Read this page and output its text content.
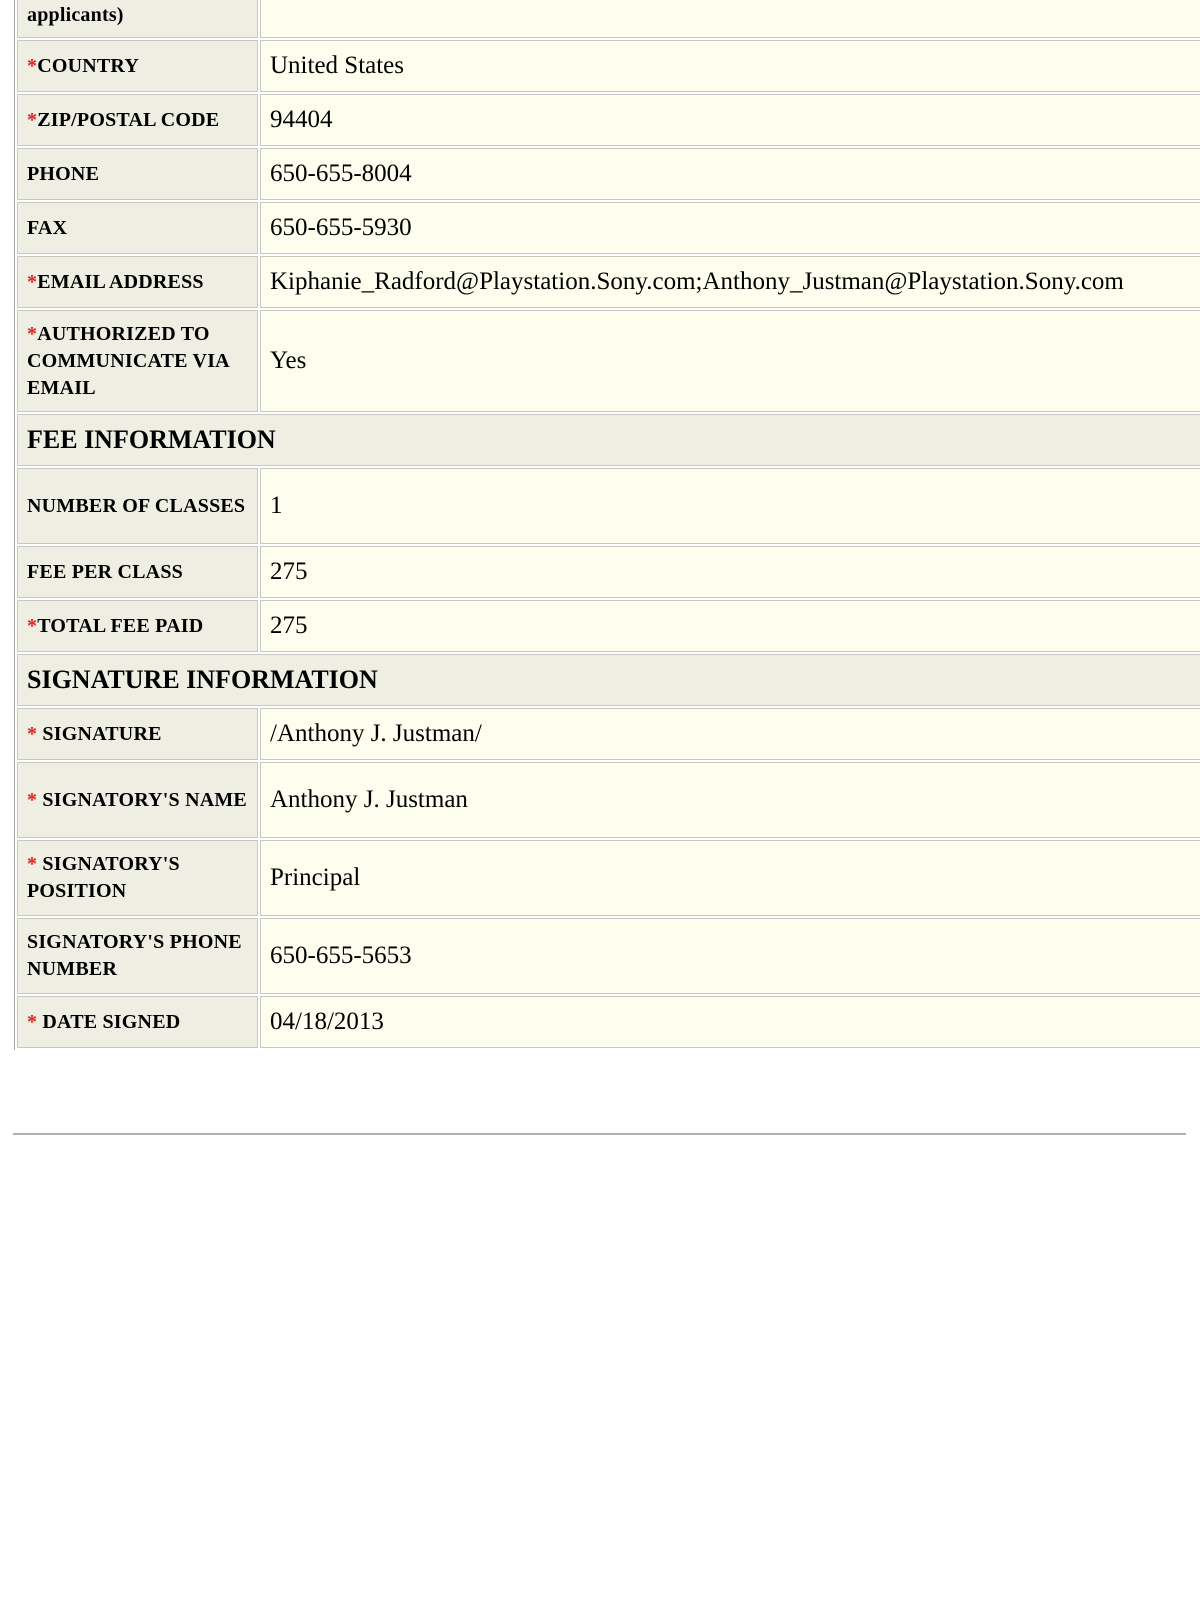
applicants)	
*COUNTRY	United States
*ZIP/POSTAL CODE	94404
PHONE	650-655-8004
FAX	650-655-5930
*EMAIL ADDRESS	Kiphanie_Radford@Playstation.Sony.com;Anthony_Justman@Playstation.Sony.com
*AUTHORIZED TO COMMUNICATE VIA EMAIL	Yes
FEE INFORMATION	
NUMBER OF CLASSES	1
FEE PER CLASS	275
*TOTAL FEE PAID	275
SIGNATURE INFORMATION	
* SIGNATURE	/Anthony J. Justman/
* SIGNATORY'S NAME	Anthony J. Justman
* SIGNATORY'S POSITION	Principal
SIGNATORY'S PHONE NUMBER	650-655-5653
* DATE SIGNED	04/18/2013
